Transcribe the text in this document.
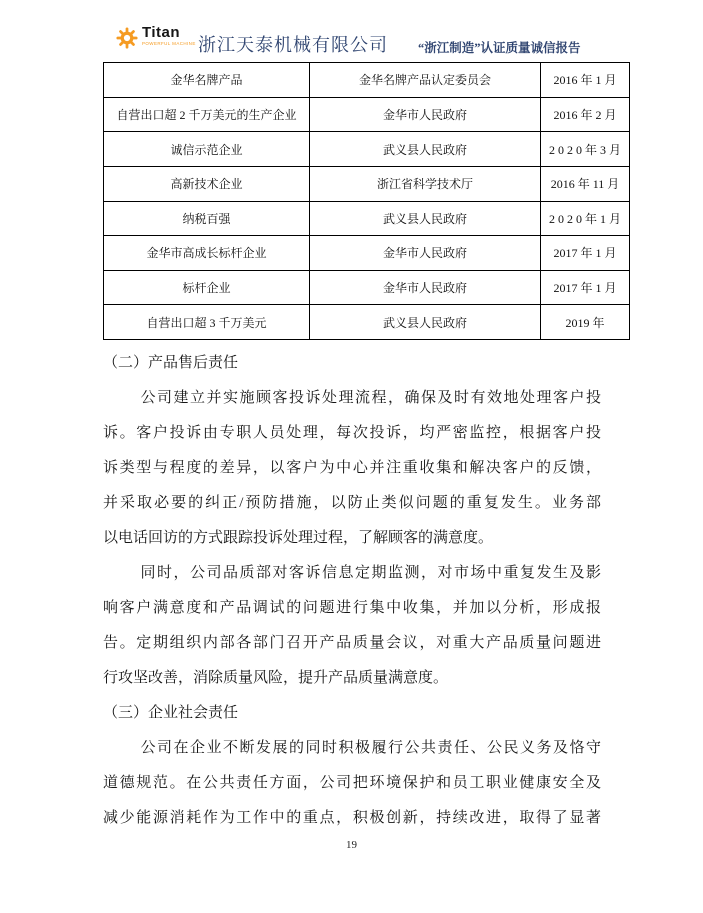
Titan
POWERFUL MACHINE 浙江天泰机械有限公司 “浙江制造”认证质量诚信报告
金华名牌产品	金华名牌产品认定委员会	2016 年 1 月
自营出口超 2 千万美元的生产企业	金华市人民政府	2016 年 2 月
诚信示范企业	武义县人民政府	2 0 2 0 年 3 月
高新技术企业	浙江省科学技术厅	2016 年 11 月
纳税百强	武义县人民政府	2 0 2 0 年 1 月
金华市高成长标杆企业	金华市人民政府	2017 年 1 月
标杆企业	金华市人民政府	2017 年 1 月
自营出口超 3 千万美元	武义县人民政府	2019 年
（二）产品售后责任
公司建立并实施顾客投诉处理流程，确保及时有效地处理客户投
诉。客户投诉由专职人员处理，每次投诉，均严密监控，根据客户投
诉类型与程度的差异，以客户为中心并注重收集和解决客户的反馈，
并采取必要的纠正/预防措施，以防止类似问题的重复发生。业务部
以电话回访的方式跟踪投诉处理过程，了解顾客的满意度。
同时，公司品质部对客诉信息定期监测，对市场中重复发生及影
响客户满意度和产品调试的问题进行集中收集，并加以分析，形成报
告。定期组织内部各部门召开产品质量会议，对重大产品质量问题进
行攻坚改善，消除质量风险，提升产品质量满意度。
（三）企业社会责任
公司在企业不断发展的同时积极履行公共责任、公民义务及恪守
道德规范。在公共责任方面，公司把环境保护和员工职业健康安全及
减少能源消耗作为工作中的重点，积极创新，持续改进，取得了显著
19
